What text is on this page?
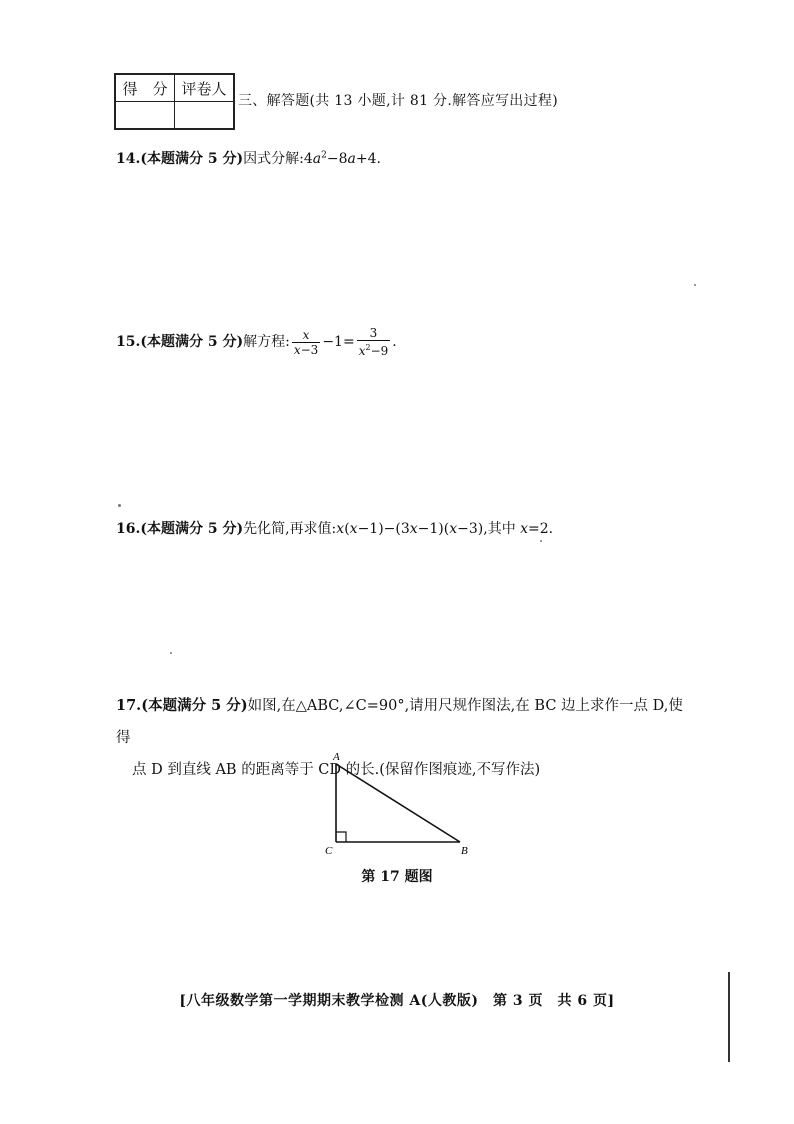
得　分	评卷人

三、解答题(共 13 小题,计 81 分.解答应写出过程)
14.(本题满分 5 分)因式分解$:4a^2-8a+4$.
15.(本题满分 5 分)解方程: $\frac{x}{x-3} -1= \frac{3}{x^2-9}$ .
16.(本题满分 5 分)先化简,再求值:x(x−1)−(3x−1)(x−3),其中 x=2.
17.(本题满分 5 分)如图,在△ABC,∠C=90°,请用尺规作图法,在 BC 边上求作一点 D,使得
点 D 到直线 AB 的距离等于 CD 的长.(保留作图痕迹,不写作法)
A
C	B
第 17 题图
[八年级数学第一学期期末教学检测 A(人教版)　第 3 页　共 6 页]
